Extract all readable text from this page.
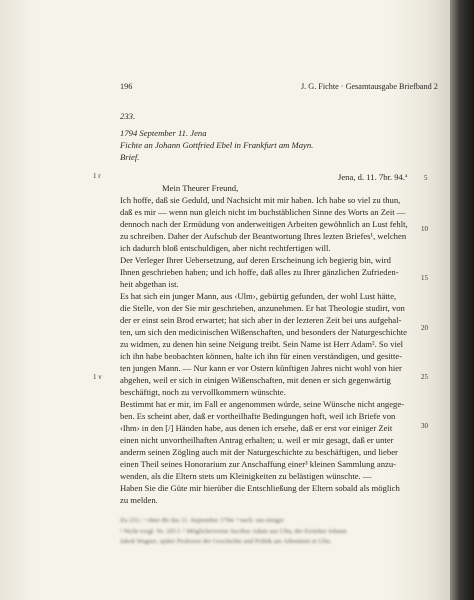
196	J. G. Fichte · Gesamtausgabe Briefband 2
233.
1794 September 11. Jena
Fichte an Johann Gottfried Ebel in Frankfurt am Mayn.
Brief.
1 r
1 v
5
10
15
20
25
30
Jena, d. 11. 7br. 94.$^a$
Mein Theurer Freund,
Ich hoffe, daß sie Geduld, und Nachsicht mit mir haben. Ich habe so viel zu thun,
daß es mir — wenn nun gleich nicht im buchstäblichen Sinne des Worts an Zeit —
dennoch nach der Ermüdung von anderweitigen Arbeiten gewöhnlich an Lust fehlt,
zu schreiben. Daher der Aufschub der Beantwortung Ihres lezten Briefes¹, welchen
ich dadurch bloß entschuldigen, aber nicht rechtfertigen will.
Der Verleger Ihrer Uebersetzung, auf deren Erscheinung ich begierig bin, wird
Ihnen geschrieben haben; und ich hoffe, daß alles zu Ihrer gänzlichen Zufrieden-
heit abgethan ist.
Es hat sich ein junger Mann, aus ‹Ulm›, gebürtig gefunden, der wohl Lust hätte,
die Stelle, von der Sie mir geschrieben, anzunehmen. Er hat Theologie studirt, von
der er einst sein Brod erwartet; hat sich aber in der lezteren Zeit bei uns aufgehal-
ten, um sich den medicinischen Wißenschaften, und besonders der Naturgeschichte
zu widmen, zu denen hin seine Neigung treibt. Sein Name ist Herr Adam². So viel
ich ihn habe beobachten können, halte ich ihn für einen verständigen, und gesitte-
ten jungen Mann. — Nur kann er vor Ostern künftigen Jahres nicht wohl von hier
abgehen, weil er sich in einigen Wißenschaften, mit denen er sich gegenwärtig
beschäftigt, noch zu vervollkommern wünschte.
Bestimmt hat er mir, im Fall er angenommen würde, seine Wünsche nicht angege-
ben. Es scheint aber, daß er vortheilhafte Bedingungen hoft, weil ich Briefe von
‹Ihm› in den [/] Händen habe, aus denen ich ersehe, daß er erst vor einiger Zeit
einen nicht unvortheilhaften Antrag erhalten; u. weil er mir gesagt, daß er unter
anderm seinen Zögling auch mit der Naturgeschichte zu beschäftigen, und lieber
einen Theil seines Honorarium zur Anschaffung einer³ kleinen Sammlung anzu-
wenden, als die Eltern stets um Kleinigkeiten zu belästigen wünschte. —
Haben Sie die Güte mir hierüber die Entschließung der Eltern sobald als möglich
zu melden.
Zu 233.: ᵃ ohne die das 11. September 1794. ᵇ nach: aus einiger
¹ Nicht vorgl. Nr. 205 f. ² Möglicherweise Jacobus Adam aus Ulm, der Erzieher Johann
Jakob Wagner, später Professor der Geschichte und Politik am Athenäum in Ulm.
